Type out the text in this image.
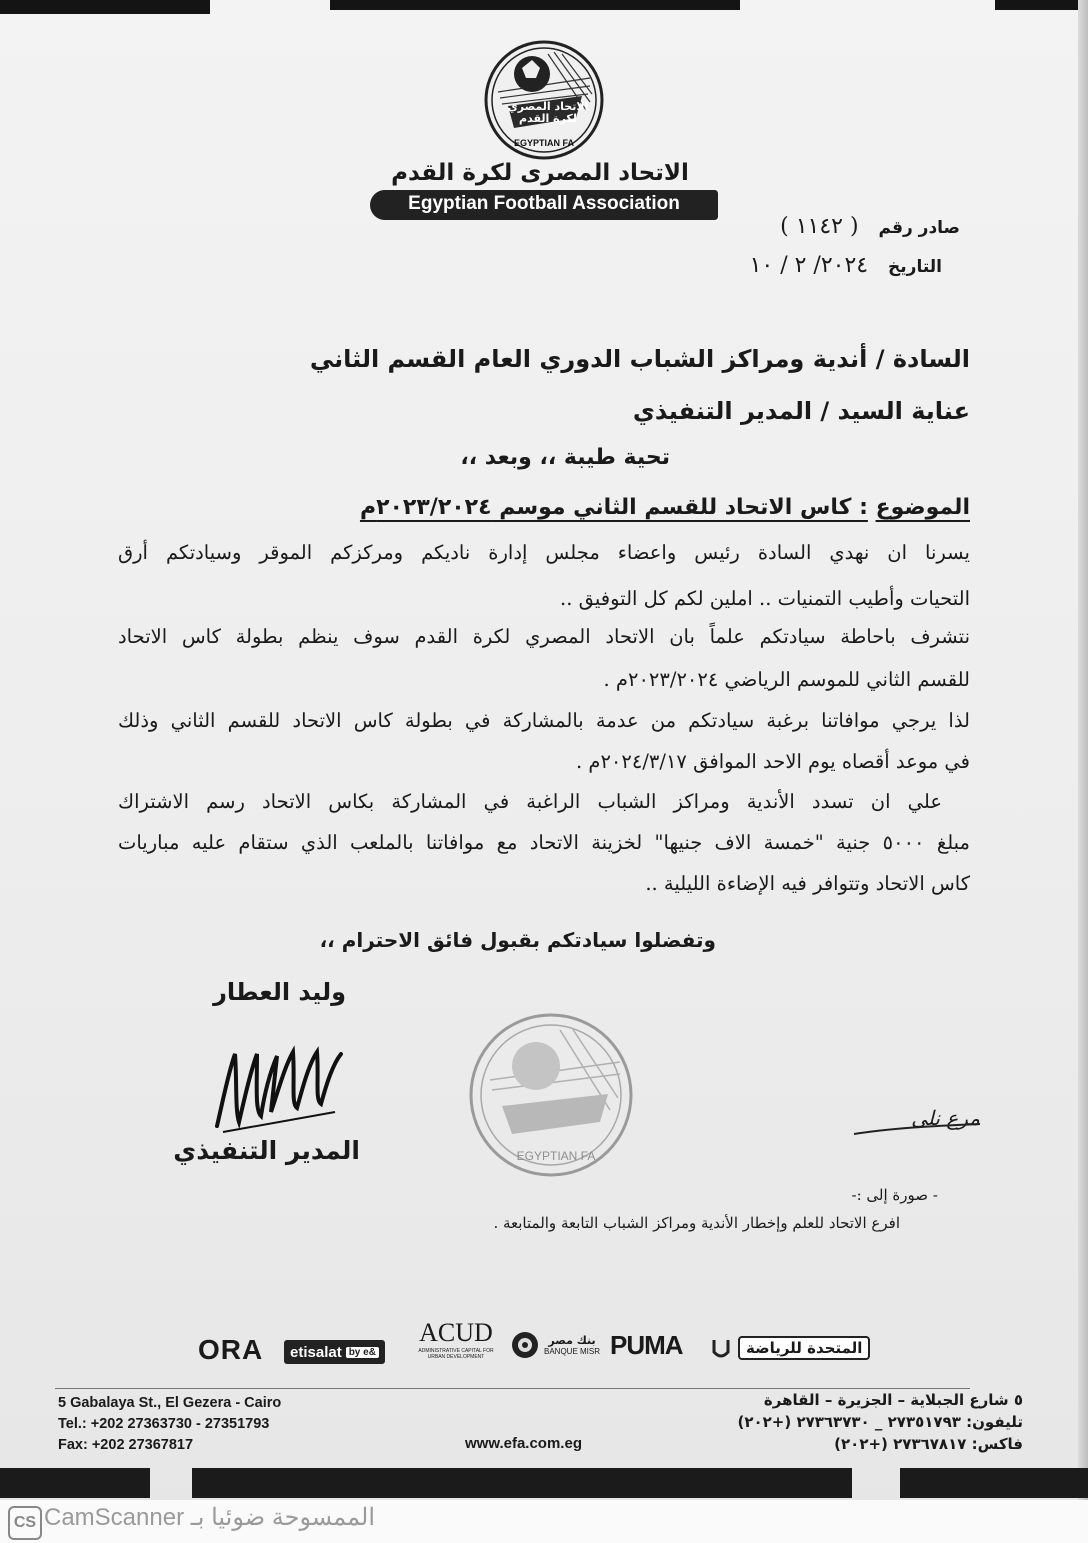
الاتحاد المصري
لكرة القدم
EGYPTIAN FA
الاتحاد المصرى لكرة القدم
Egyptian Football Association
صادر رقم ( ١١٤٢ )
التاريخ ٢٠٢٤/ ٢ / ١٠
السادة / أندية ومراكز الشباب الدوري العام القسم الثاني
عناية السيد / المدير التنفيذي
تحية طيبة ،، وبعد ،،
الموضوع : كاس الاتحاد للقسم الثاني موسم ٢٠٢٣/٢٠٢٤م
يسرنا ان نهدي السادة رئيس واعضاء مجلس إدارة ناديكم ومركزكم الموقر وسيادتكم أرق
التحيات وأطيب التمنيات .. املين لكم كل التوفيق ..
نتشرف باحاطة سيادتكم علماً بان الاتحاد المصري لكرة القدم سوف ينظم بطولة كاس الاتحاد
للقسم الثاني للموسم الرياضي ٢٠٢٣/٢٠٢٤م .
لذا يرجي موافاتنا برغبة سيادتكم من عدمة بالمشاركة في بطولة كاس الاتحاد للقسم الثاني وذلك
في موعد أقصاه يوم الاحد الموافق ٢٠٢٤/٣/١٧م .
علي ان تسدد الأندية ومراكز الشباب الراغبة في المشاركة بكاس الاتحاد رسم الاشتراك
مبلغ ٥٠٠٠ جنية "خمسة الاف جنيها" لخزينة الاتحاد مع موافاتنا بالملعب الذي ستقام عليه مباريات
كاس الاتحاد وتتوافر فيه الإضاءة الليلية ..
وتفضلوا سيادتكم بقبول فائق الاحترام ،،
وليد العطار
المدير التنفيذي	EGYPTIAN FA
مرع نلى
صورة إلى :- -
افرع الاتحاد للعلم وإخطار الأندية ومراكز الشباب التابعة والمتابعة .
ORA etisalat by e&
ACUD
ADMINISTRATIVE CAPITAL FOR URBAN DEVELOPMENT
بنك مصر
BANQUE MISR PUMA	المتحدة للرياضة
5 Gabalaya St., El Gezera - Cairo
Tel.: +202 27363730 - 27351793
Fax: +202 27367817	www.efa.com.eg
٥ شارع الجبلاية – الجزيرة – القاهرة
تليفون: ٢٧٣٥١٧٩٣ _ ٢٧٣٦٣٧٣٠ (+٢٠٢)
فاكس: ٢٧٣٦٧٨١٧ (+٢٠٢)
CS الممسوحة ضوئيا بـ CamScanner
